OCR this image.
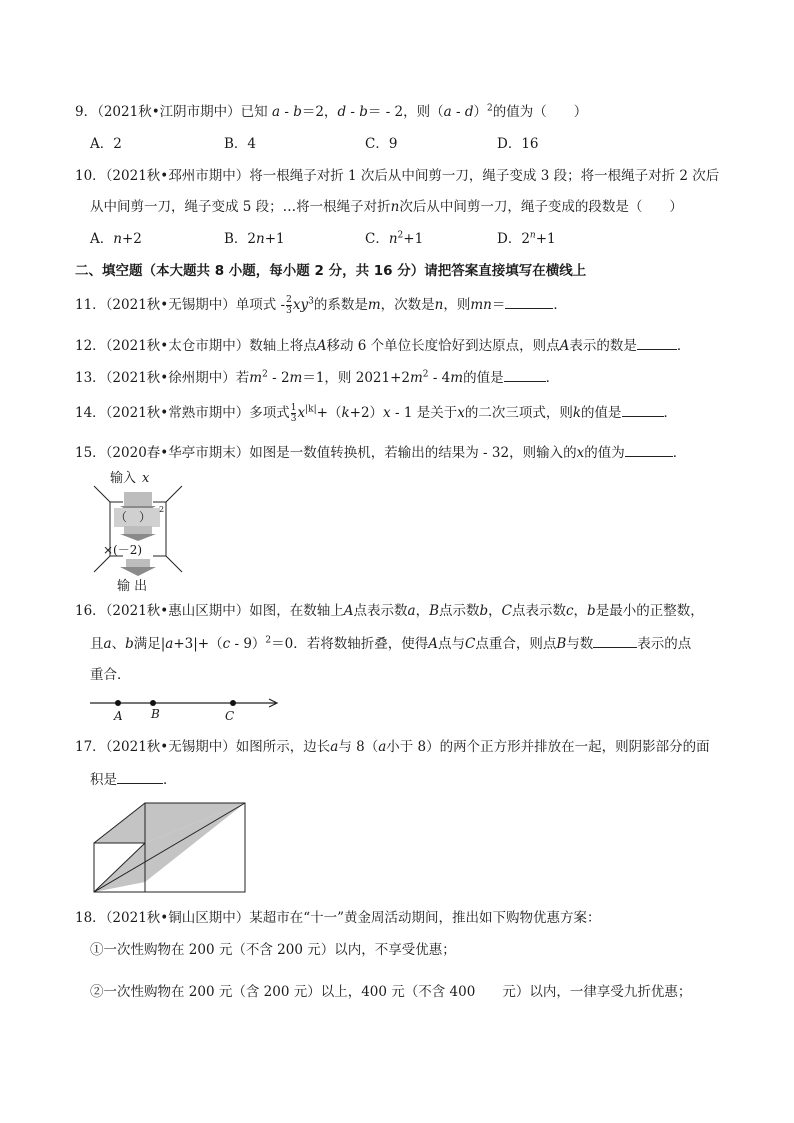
9．（2021秋•江阴市期中）已知 a - b＝2，d - b＝ - 2，则（a - d）$^2$的值为（　　）
A．2	B．4	C．9	D．16
10．（2021秋•邳州市期中）将一根绳子对折 1 次后从中间剪一刀，绳子变成 3 段；将一根绳子对折 2 次后
从中间剪一刀，绳子变成 5 段；…将一根绳子对折n次后从中间剪一刀，绳子变成的段数是（　　）
A．n+2	B．2n+1	C．$n^2+1$	D．$2^n+1$
二、填空题（本大题共 8 小题，每小题 2 分，共 16 分）请把答案直接填写在横线上
11．（2021秋•无锡期中）单项式 - $\frac{2}{3} xy^3$的系数是m，次数是n，则mn＝	．
12．（2021秋•太仓市期中）数轴上将点A移动 6 个单位长度恰好到达原点，则点A表示的数是	．
13．（2021秋•徐州期中）若$m^2 - 2m=1$，则 $2021+2m^2 - 4m$的值是	．
14．（2021秋•常熟市期中）多项式 $\frac{1}{3} x^{|k|}+(k+2)x - 1$ 是关于x的二次三项式，则k的值是	．
15．（2020春•华亭市期末）如图是一数值转换机，若输出的结果为 - 32，则输入的x的值为	．
输入 x
（　）
2
×(－2)
输 出
16．（2021秋•惠山区期中）如图，在数轴上A点表示数a，B点示数b，C点表示数c，b是最小的正整数，
且a、b满足|a+3|+（c - 9）$^2$＝0．若将数轴折叠，使得A点与C点重合，则点B与数	表示的点
重合．
A B	C
17．（2021秋•无锡期中）如图所示，边长a与 8（a小于 8）的两个正方形并排放在一起，则阴影部分的面
积是	．
18．（2021秋•铜山区期中）某超市在“十一”黄金周活动期间，推出如下购物优惠方案：
①一次性购物在 200 元（不含 200 元）以内，不享受优惠；
②一次性购物在 200 元（含 200 元）以上，400 元（不含 400　　元）以内，一律享受九折优惠；
